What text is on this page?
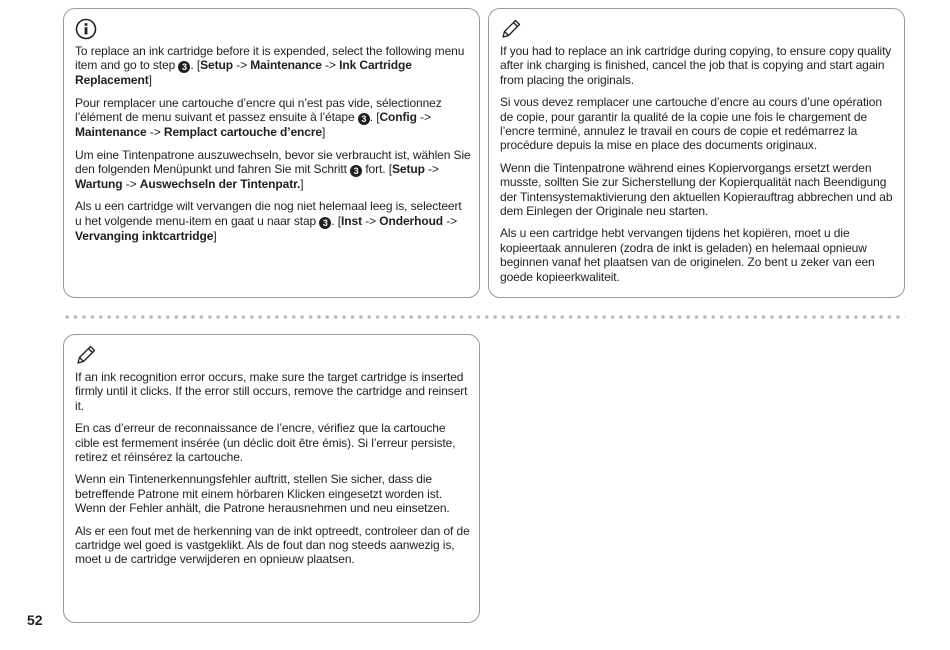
To replace an ink cartridge before it is expended, select the following menu item and go to step 3 . [Setup -> Maintenance -> Ink Cartridge Replacement]

Pour remplacer une cartouche d’encre qui n’est pas vide, sélectionnez l’élément de menu suivant et passez ensuite à l’étape 3 . [Config -> Maintenance -> Remplact cartouche d’encre]

Um eine Tintenpatrone auszuwechseln, bevor sie verbraucht ist, wählen Sie den folgenden Menüpunkt und fahren Sie mit Schritt 3 fort. [Setup -> Wartung -> Auswechseln der Tintenpatr.]

Als u een cartridge wilt vervangen die nog niet helemaal leeg is, selecteert u het volgende menu-item en gaat u naar stap 3 . [Inst -> Onderhoud -> Vervanging inktcartridge]

If you had to replace an ink cartridge during copying, to ensure copy quality after ink charging is finished, cancel the job that is copying and start again from placing the originals.

Si vous devez remplacer une cartouche d’encre au cours d’une opération de copie, pour garantir la qualité de la copie une fois le chargement de l’encre terminé, annulez le travail en cours de copie et redémarrez la procédure depuis la mise en place des documents originaux.

Wenn die Tintenpatrone während eines Kopiervorgangs ersetzt werden musste, sollten Sie zur Sicherstellung der Kopierqualität nach Beendigung der Tintensystemaktivierung den aktuellen Kopierauftrag abbrechen und ab dem Einlegen der Originale neu starten.

Als u een cartridge hebt vervangen tijdens het kopiëren, moet u die kopieertaak annuleren (zodra de inkt is geladen) en helemaal opnieuw beginnen vanaf het plaatsen van de originelen. Zo bent u zeker van een goede kopieerkwaliteit.

If an ink recognition error occurs, make sure the target cartridge is inserted firmly until it clicks. If the error still occurs, remove the cartridge and reinsert it.

En cas d’erreur de reconnaissance de l’encre, vérifiez que la cartouche cible est fermement insérée (un déclic doit être émis). Si l’erreur persiste, retirez et réinsérez la cartouche.

Wenn ein Tintenerkennungsfehler auftritt, stellen Sie sicher, dass die betreffende Patrone mit einem hörbaren Klicken eingesetzt worden ist. Wenn der Fehler anhält, die Patrone herausnehmen und neu einsetzen.

Als er een fout met de herkenning van de inkt optreedt, controleer dan of de cartridge wel goed is vastgeklikt. Als de fout dan nog steeds aanwezig is, moet u de cartridge verwijderen en opnieuw plaatsen.

52
